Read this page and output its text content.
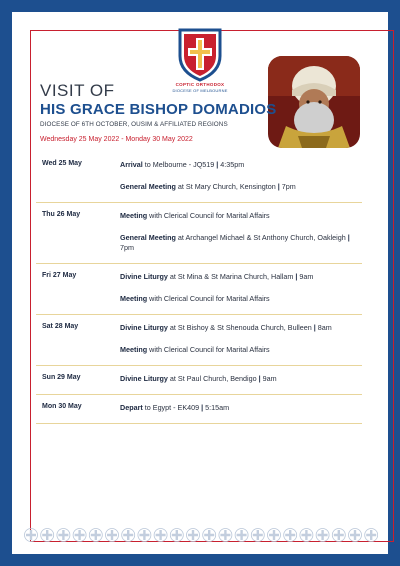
COPTIC ORTHODOX
DIOCESE OF MELBOURNE
VISIT OF
HIS GRACE BISHOP DOMADIOS
DIOCESE OF 6TH OCTOBER, OUSIM & AFFILIATED REGIONS
Wednesday 25 May 2022 - Monday 30 May 2022
Wed 25 May	Arrival to Melbourne - JQ519 | 4:35pm
General Meeting at St Mary Church, Kensington | 7pm
Thu 26 May	Meeting with Clerical Council for Marital Affairs
General Meeting at Archangel Michael & St Anthony Church, Oakleigh | 7pm
Fri 27 May	Divine Liturgy at St Mina & St Marina Church, Hallam | 9am
Meeting with Clerical Council for Marital Affairs
Sat 28 May	Divine Liturgy at St Bishoy & St Shenouda Church, Bulleen | 8am
Meeting with Clerical Council for Marital Affairs
Sun 29 May	Divine Liturgy at St Paul Church, Bendigo | 9am
Mon 30 May	Depart to Egypt - EK409 | 5:15am
